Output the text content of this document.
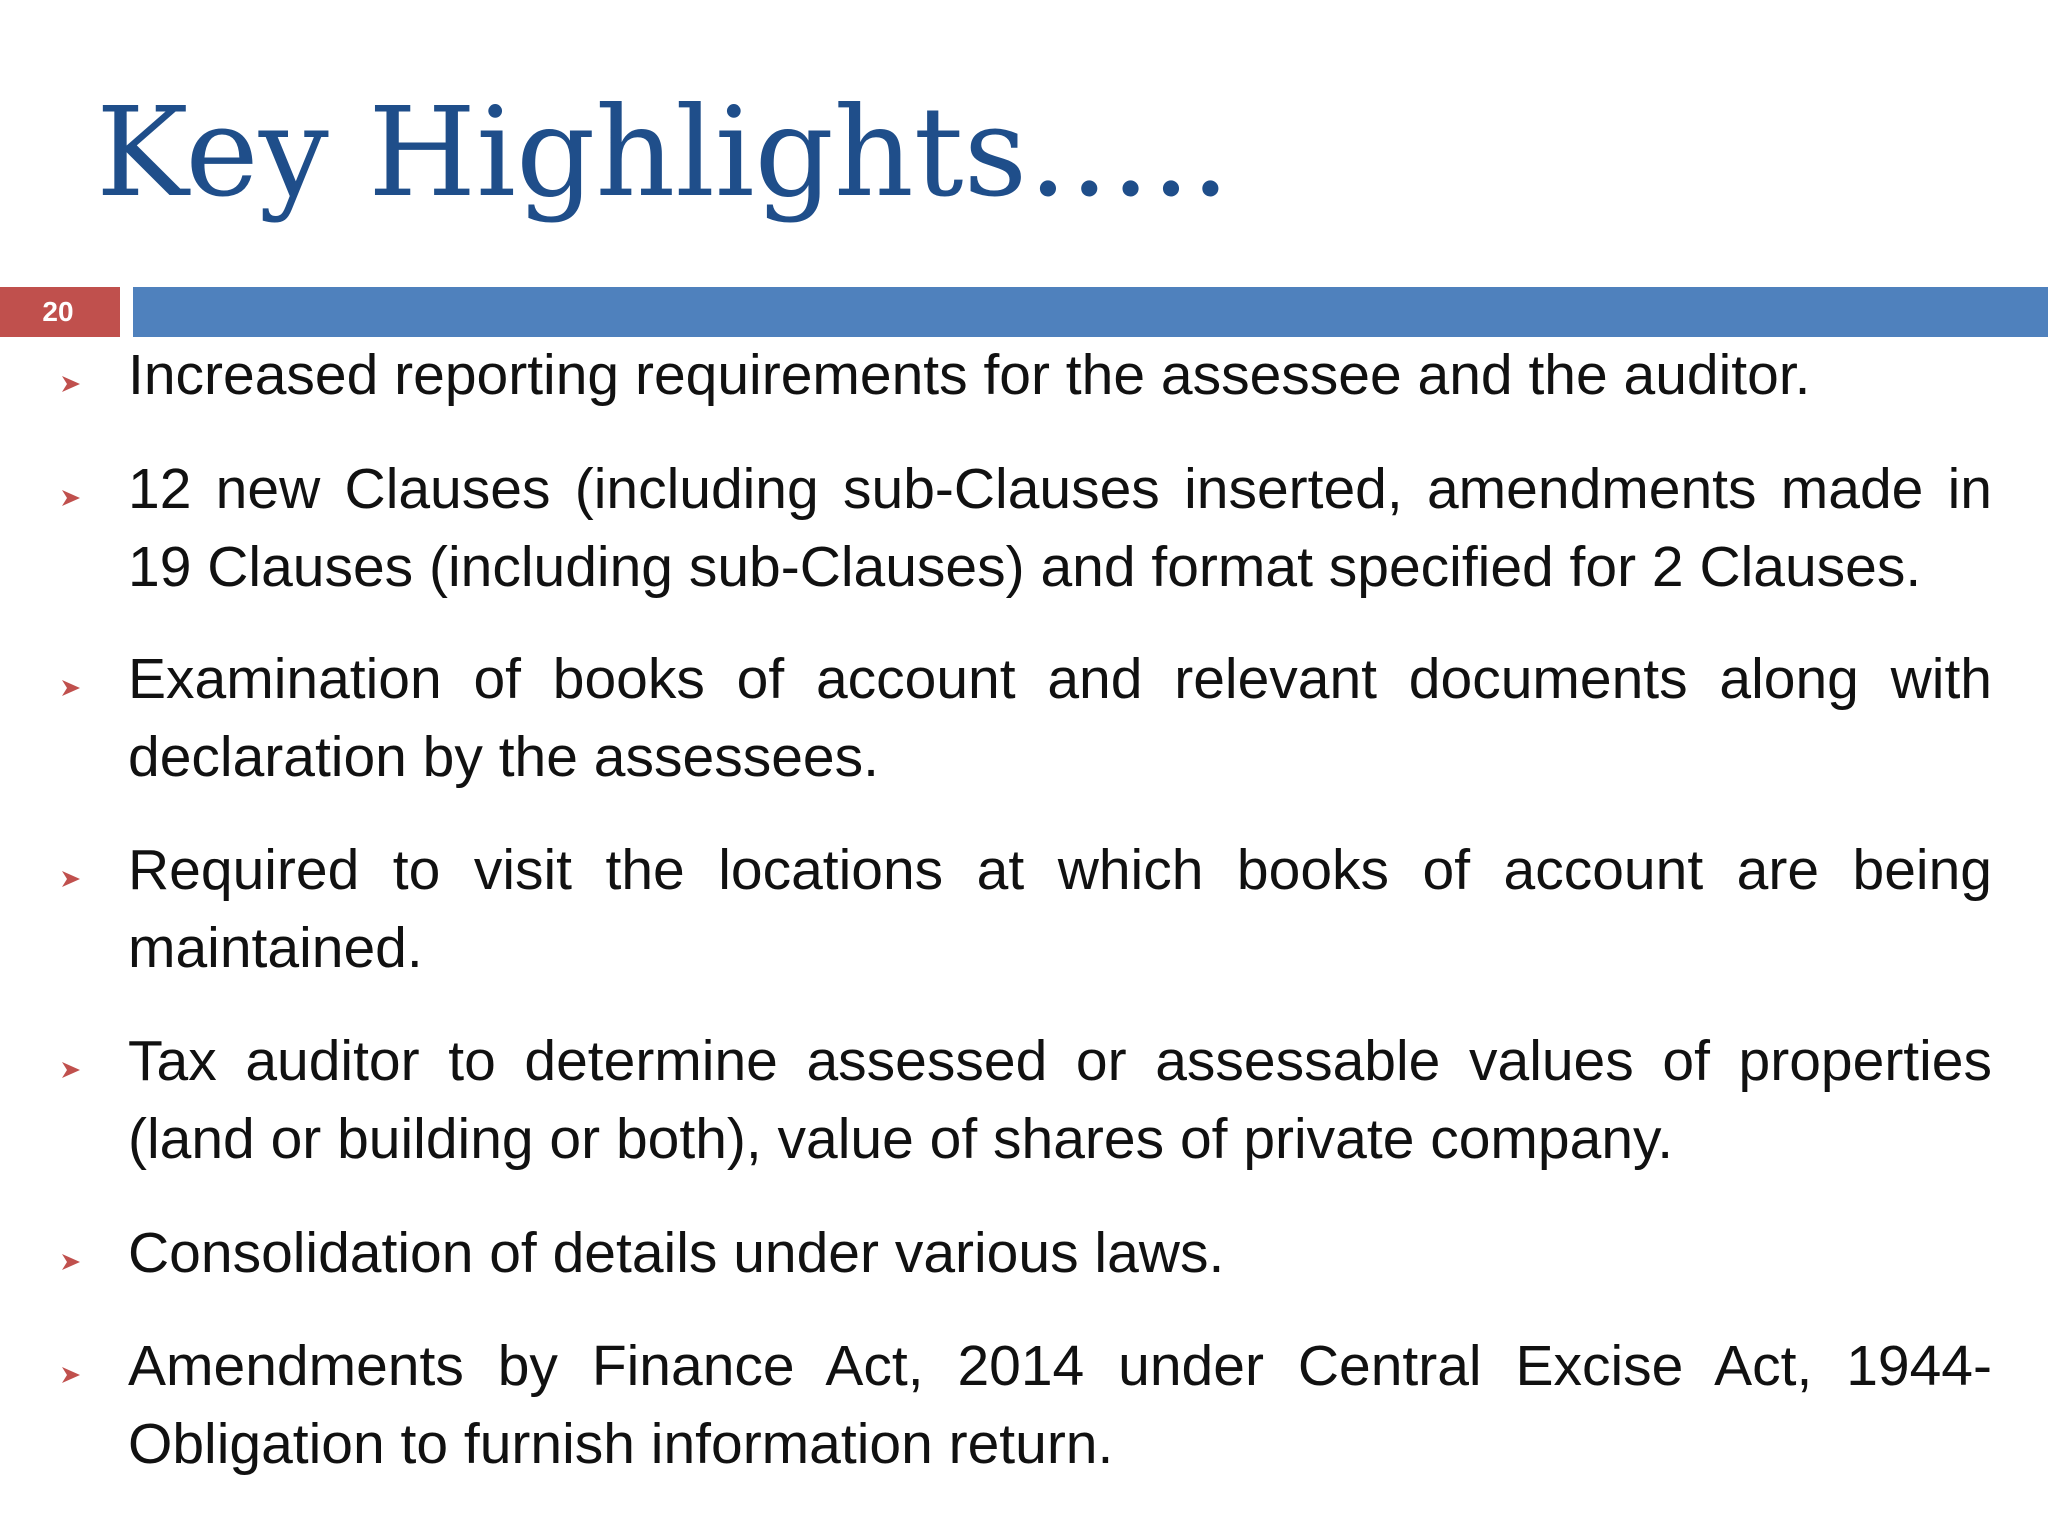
Key Highlights…..
20

Increased reporting requirements for the assessee and the auditor.

12 new Clauses (including sub-Clauses inserted, amendments made in 19 Clauses (including sub-Clauses) and format specified for 2 Clauses.

Examination of books of account and relevant documents along with declaration by the assessees.

Required to visit the locations at which books of account are being maintained.

Tax auditor to determine assessed or assessable values of properties (land or building or both), value of shares of private company.

Consolidation of details under various laws.

Amendments by Finance Act, 2014 under Central Excise Act, 1944- Obligation to furnish information return.
